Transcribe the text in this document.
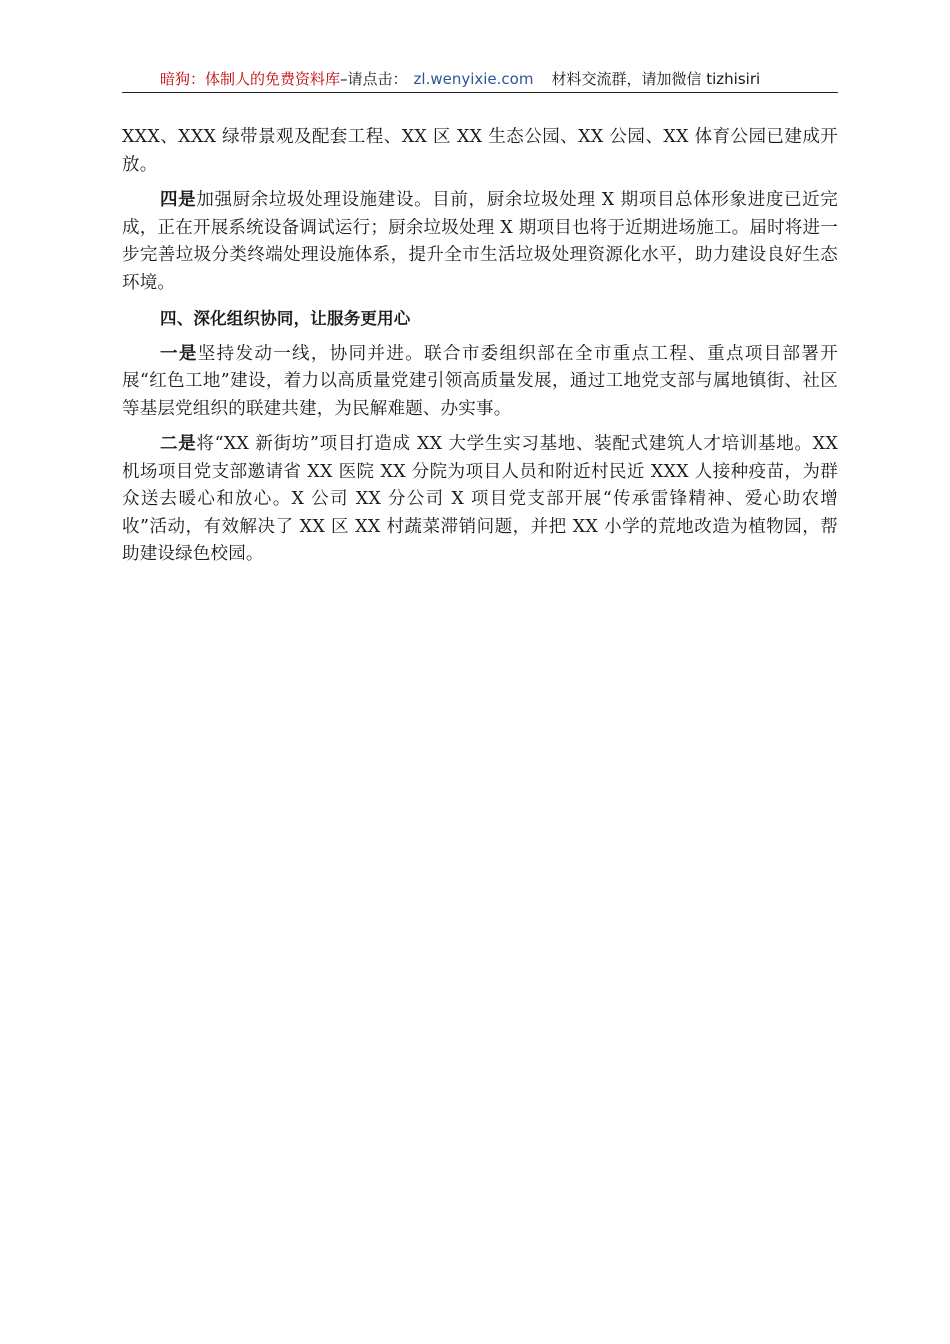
暗狗：体制人的免费资料库–请点击： zl.wenyixie.com 材料交流群，请加微信 tizhisiri

XXX、XXX 绿带景观及配套工程、XX 区 XX 生态公园、XX 公园、XX 体育公园已建成开放。

四是加强厨余垃圾处理设施建设。目前，厨余垃圾处理 X 期项目总体形象进度已近完成，正在开展系统设备调试运行；厨余垃圾处理 X 期项目也将于近期进场施工。届时将进一步完善垃圾分类终端处理设施体系，提升全市生活垃圾处理资源化水平，助力建设良好生态环境。

四、深化组织协同，让服务更用心

一是坚持发动一线，协同并进。联合市委组织部在全市重点工程、重点项目部署开展“红色工地”建设，着力以高质量党建引领高质量发展，通过工地党支部与属地镇街、社区等基层党组织的联建共建，为民解难题、办实事。

二是将“XX 新街坊”项目打造成 XX 大学生实习基地、装配式建筑人才培训基地。XX 机场项目党支部邀请省 XX 医院 XX 分院为项目人员和附近村民近 XXX 人接种疫苗，为群众送去暖心和放心。X 公司 XX 分公司 X 项目党支部开展“传承雷锋精神、爱心助农增收”活动，有效解决了 XX 区 XX 村蔬菜滞销问题，并把 XX 小学的荒地改造为植物园，帮助建设绿色校园。
